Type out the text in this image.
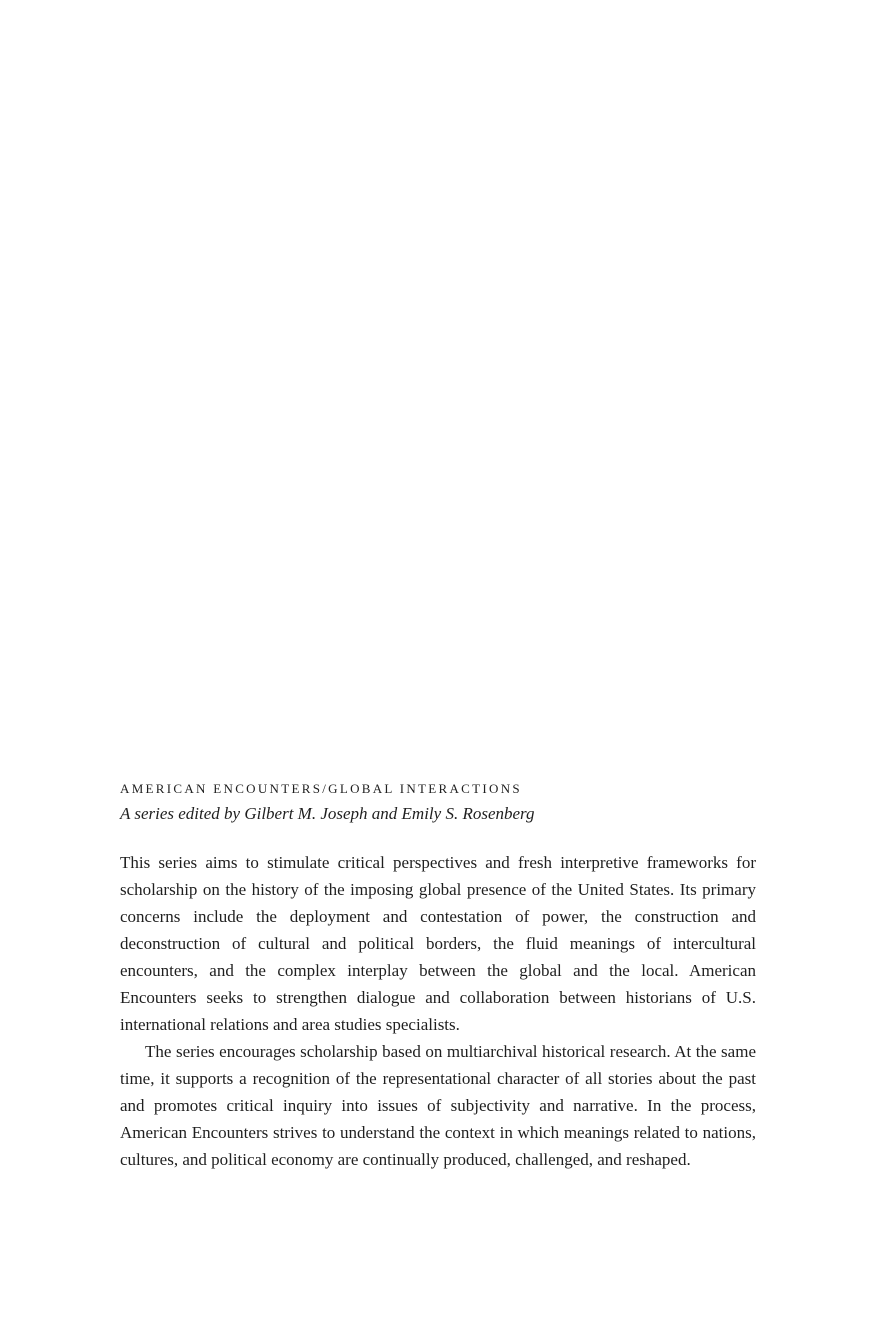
AMERICAN ENCOUNTERS/GLOBAL INTERACTIONS
A series edited by Gilbert M. Joseph and Emily S. Rosenberg

This series aims to stimulate critical perspectives and fresh interpretive frameworks for scholarship on the history of the imposing global presence of the United States. Its primary concerns include the deployment and contestation of power, the construction and deconstruction of cultural and political borders, the fluid meanings of intercultural encounters, and the complex interplay between the global and the local. American Encounters seeks to strengthen dialogue and collaboration between historians of U.S. international relations and area studies specialists.

The series encourages scholarship based on multiarchival historical research. At the same time, it supports a recognition of the representational character of all stories about the past and promotes critical inquiry into issues of subjectivity and narrative. In the process, American Encounters strives to understand the context in which meanings related to nations, cultures, and political economy are continually produced, challenged, and reshaped.
